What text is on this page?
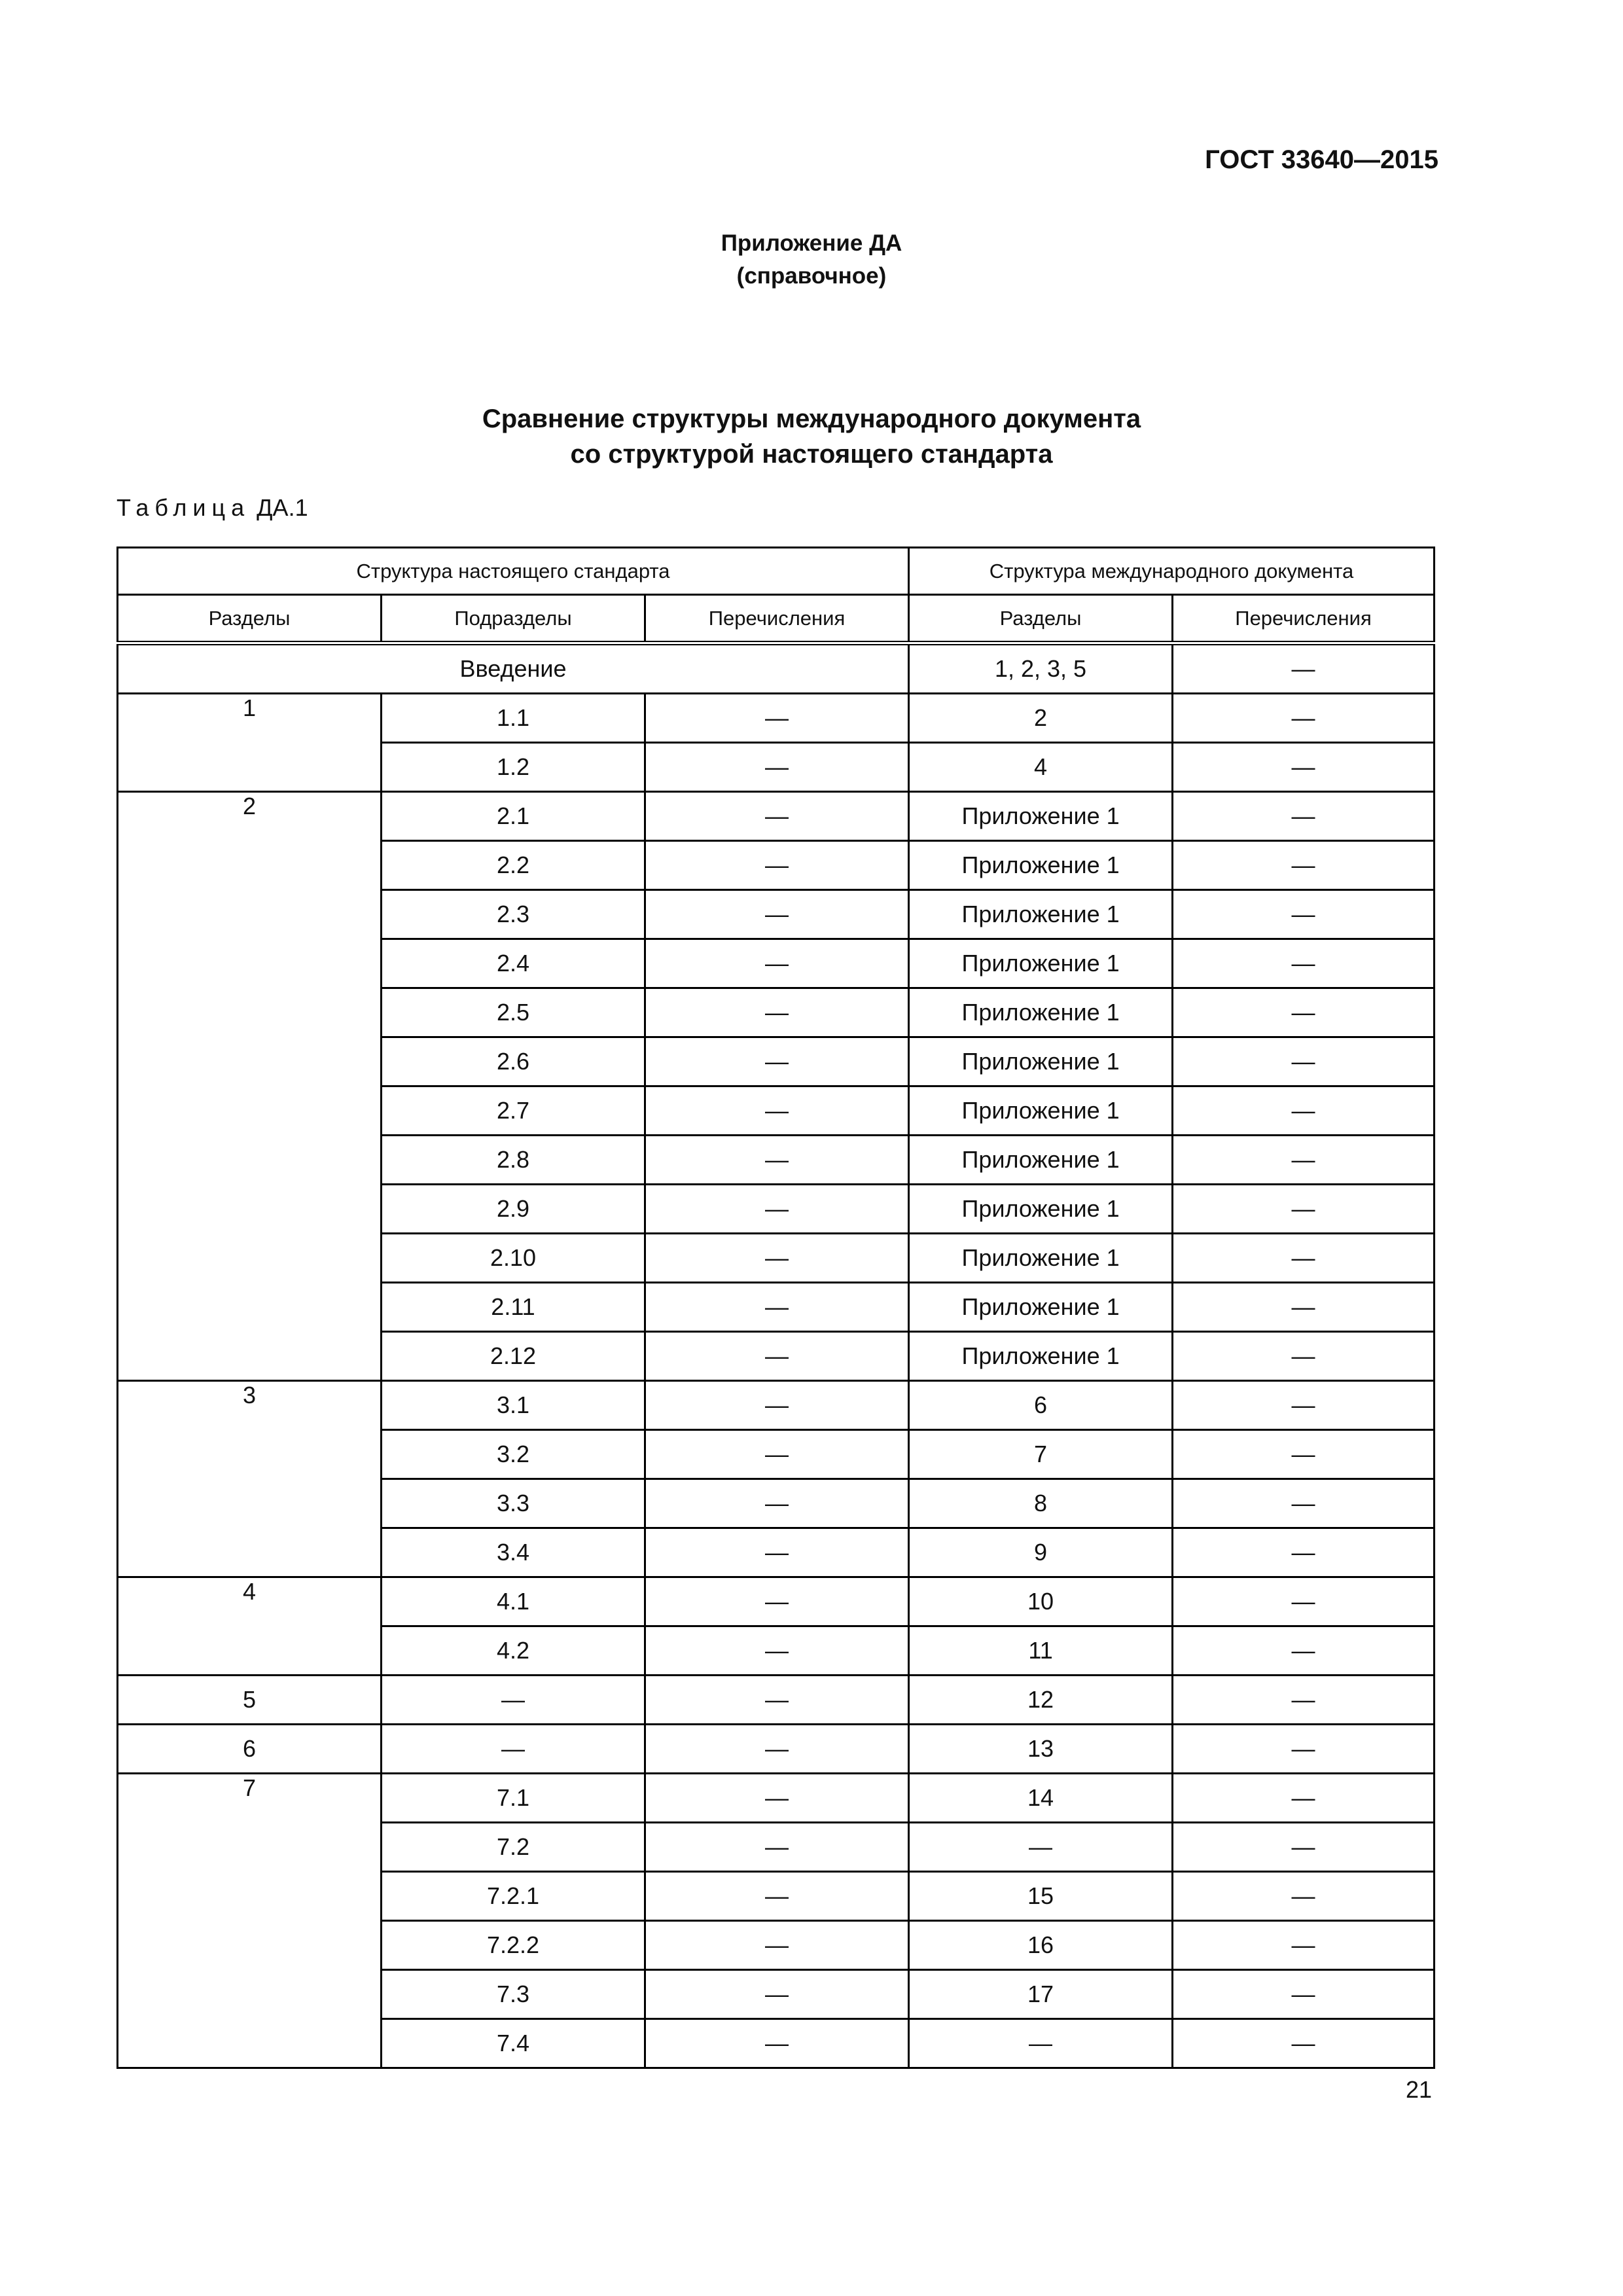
ГОСТ 33640—2015
Приложение ДА
(справочное)
Сравнение структуры международного документа
со структурой настоящего стандарта
Таблица ДА.1
Структура настоящего стандарта			Структура международного документа	
Разделы	Подразделы	Перечисления	Разделы	Перечисления
Введение			1, 2, 3, 5	—
1	1.1	—	2	—
	1.2	—	4	—
2	2.1	—	Приложение 1	—
	2.2	—	Приложение 1	—
	2.3	—	Приложение 1	—
	2.4	—	Приложение 1	—
	2.5	—	Приложение 1	—
	2.6	—	Приложение 1	—
	2.7	—	Приложение 1	—
	2.8	—	Приложение 1	—
	2.9	—	Приложение 1	—
	2.10	—	Приложение 1	—
	2.11	—	Приложение 1	—
	2.12	—	Приложение 1	—
3	3.1	—	6	—
	3.2	—	7	—
	3.3	—	8	—
	3.4	—	9	—
4	4.1	—	10	—
	4.2	—	11	—
5	—	—	12	—
6	—	—	13	—
7	7.1	—	14	—
	7.2	—	—	—
	7.2.1	—	15	—
	7.2.2	—	16	—
	7.3	—	17	—
	7.4	—	—	—
21
